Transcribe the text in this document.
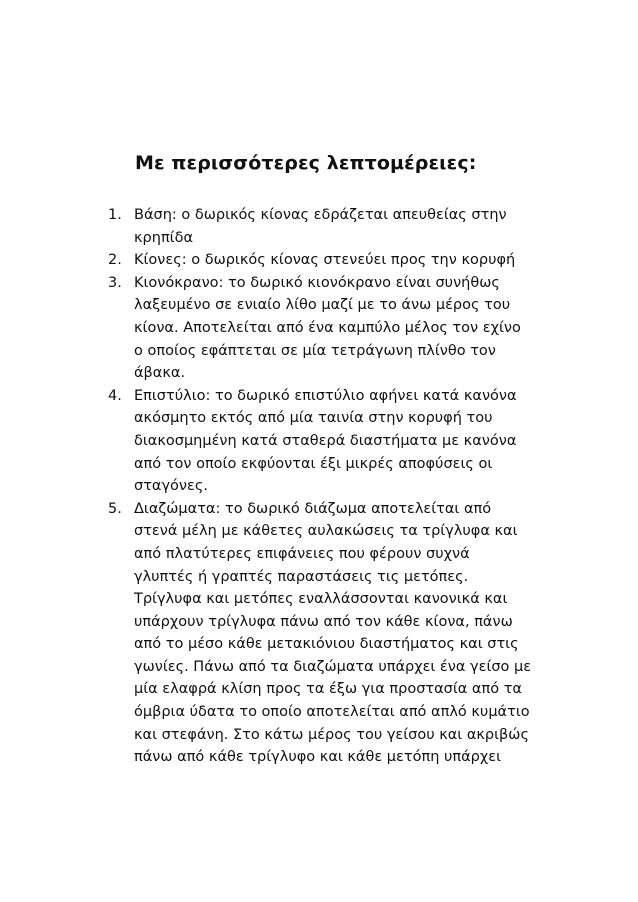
Με περισσότερες λεπτομέρειες:
1. Βάση: ο δωρικός κίονας εδράζεται απευθείας στην
κρηπίδα
2. Κίονες: ο δωρικός κίονας στενεύει προς την κορυφή
3. Κιονόκρανο: το δωρικό κιονόκρανο είναι συνήθως
λαξευμένο σε ενιαίο λίθο μαζί με το άνω μέρος του
κίονα. Αποτελείται από ένα καμπύλο μέλος τον εχίνο
ο οποίος εφάπτεται σε μία τετράγωνη πλίνθο τον
άβακα.
4. Επιστύλιο: το δωρικό επιστύλιο αφήνει κατά κανόνα
ακόσμητο εκτός από μία ταινία στην κορυφή του
διακοσμημένη κατά σταθερά διαστήματα με κανόνα
από τον οποίο εκφύονται έξι μικρές αποφύσεις οι
σταγόνες.
5. Διαζώματα: το δωρικό διάζωμα αποτελείται από
στενά μέλη με κάθετες αυλακώσεις τα τρίγλυφα και
από πλατύτερες επιφάνειες που φέρουν συχνά
γλυπτές ή γραπτές παραστάσεις τις μετόπες.
Τρίγλυφα και μετόπες εναλλάσσονται κανονικά και
υπάρχουν τρίγλυφα πάνω από τον κάθε κίονα, πάνω
από το μέσο κάθε μετακιόνιου διαστήματος και στις
γωνίες. Πάνω από τα διαζώματα υπάρχει ένα γείσο με
μία ελαφρά κλίση προς τα έξω για προστασία από τα
όμβρια ύδατα το οποίο αποτελείται από απλό κυμάτιο
και στεφάνη. Στο κάτω μέρος του γείσου και ακριβώς
πάνω από κάθε τρίγλυφο και κάθε μετόπη υπάρχει
